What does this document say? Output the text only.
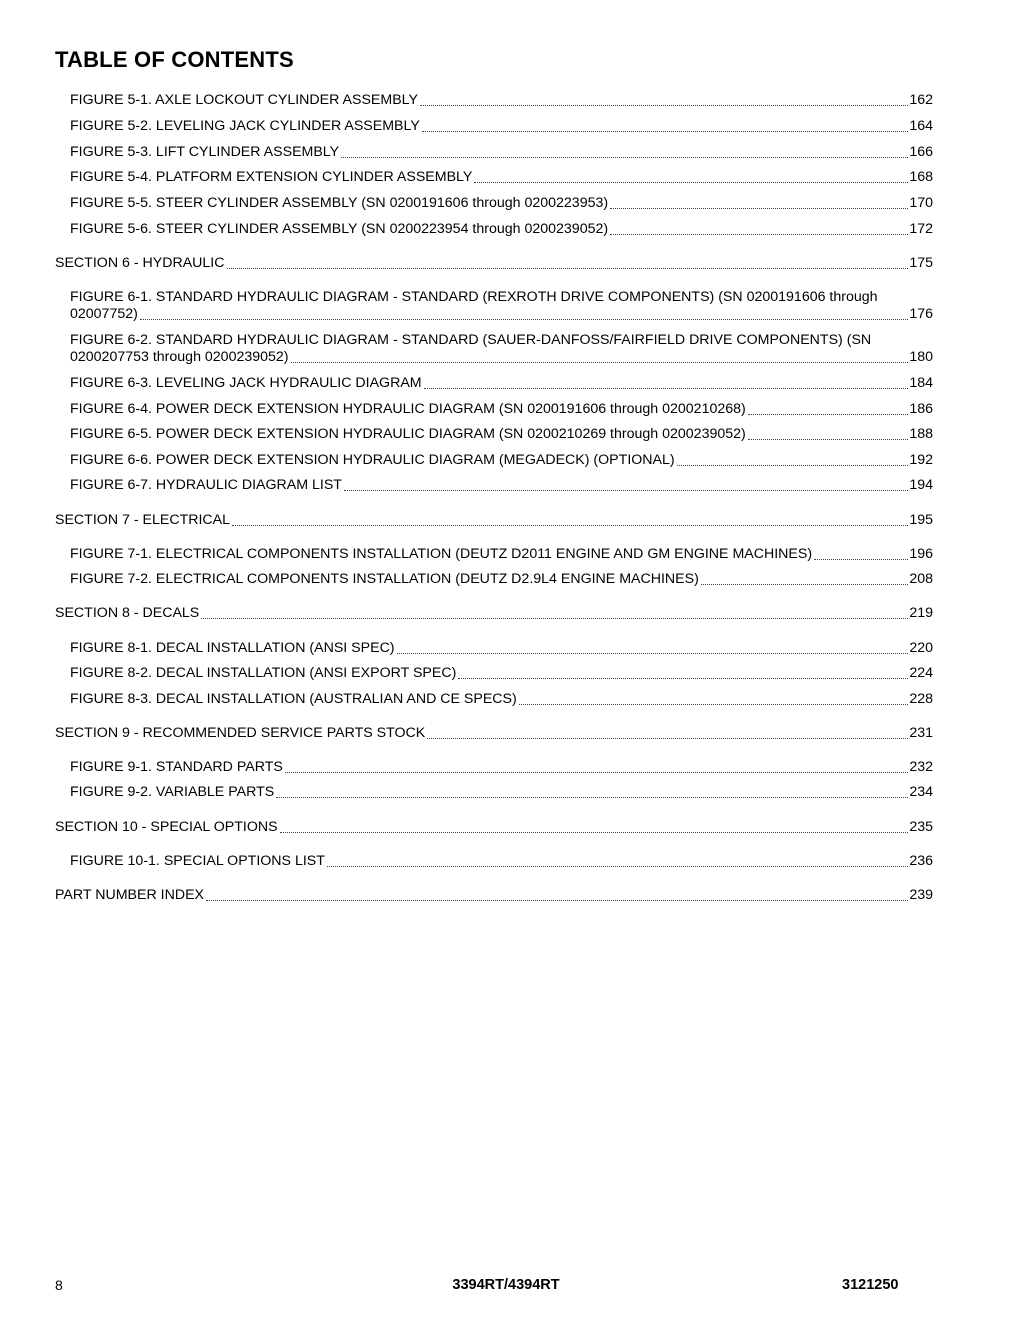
TABLE OF CONTENTS
FIGURE 5-1. AXLE LOCKOUT CYLINDER ASSEMBLY	162
FIGURE 5-2. LEVELING JACK CYLINDER ASSEMBLY	164
FIGURE 5-3. LIFT CYLINDER ASSEMBLY	166
FIGURE 5-4. PLATFORM EXTENSION CYLINDER ASSEMBLY	168
FIGURE 5-5. STEER CYLINDER ASSEMBLY (SN 0200191606 through 0200223953)	170
FIGURE 5-6. STEER CYLINDER ASSEMBLY (SN 0200223954 through 0200239052)	172
SECTION 6 - HYDRAULIC	175
FIGURE 6-1. STANDARD HYDRAULIC DIAGRAM - STANDARD (REXROTH DRIVE COMPONENTS) (SN 0200191606 through
02007752)	176
FIGURE 6-2. STANDARD HYDRAULIC DIAGRAM - STANDARD (SAUER-DANFOSS/FAIRFIELD DRIVE COMPONENTS) (SN
0200207753 through 0200239052)	180
FIGURE 6-3. LEVELING JACK HYDRAULIC DIAGRAM	184
FIGURE 6-4. POWER DECK EXTENSION HYDRAULIC DIAGRAM (SN 0200191606 through 0200210268)	186
FIGURE 6-5. POWER DECK EXTENSION HYDRAULIC DIAGRAM (SN 0200210269 through 0200239052)	188
FIGURE 6-6. POWER DECK EXTENSION HYDRAULIC DIAGRAM (MEGADECK) (OPTIONAL)	192
FIGURE 6-7. HYDRAULIC DIAGRAM LIST	194
SECTION 7 - ELECTRICAL	195
FIGURE 7-1. ELECTRICAL COMPONENTS INSTALLATION (DEUTZ D2011 ENGINE AND GM ENGINE MACHINES)	196
FIGURE 7-2. ELECTRICAL COMPONENTS INSTALLATION (DEUTZ D2.9L4 ENGINE MACHINES)	208
SECTION 8 - DECALS	219
FIGURE 8-1. DECAL INSTALLATION (ANSI SPEC)	220
FIGURE 8-2. DECAL INSTALLATION (ANSI EXPORT SPEC)	224
FIGURE 8-3. DECAL INSTALLATION (AUSTRALIAN AND CE SPECS)	228
SECTION 9 - RECOMMENDED SERVICE PARTS STOCK	231
FIGURE 9-1. STANDARD PARTS	232
FIGURE 9-2. VARIABLE PARTS	234
SECTION 10 - SPECIAL OPTIONS	235
FIGURE 10-1. SPECIAL OPTIONS LIST	236
PART NUMBER INDEX	239
8	3394RT/4394RT	3121250
